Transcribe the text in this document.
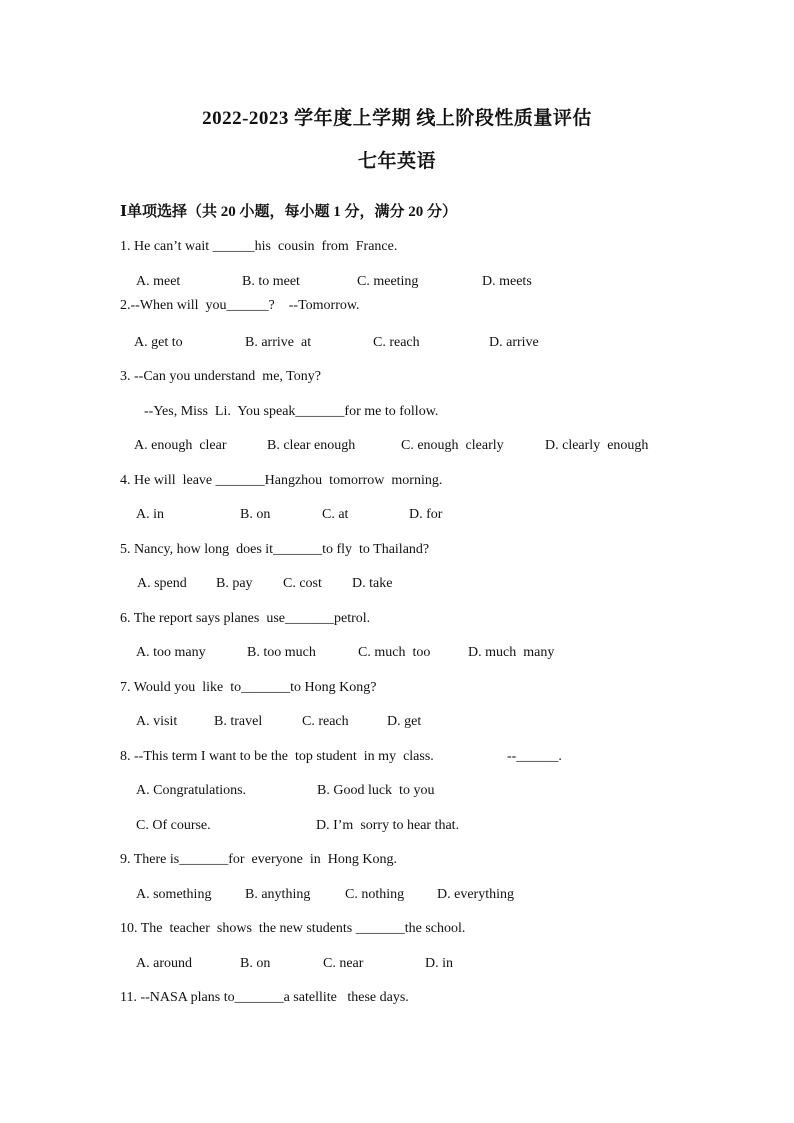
2022-2023 学年度上学期 线上阶段性质量评估
七年英语
Ⅰ单项选择（共 20 小题，每小题 1 分，满分 20 分）
1. He can’t wait ______his  cousin  from  France.
A. meet	B. to meet	C. meeting	D. meets
2.--When will  you______?    --Tomorrow.
A. get to	B. arrive  at	C. reach	D. arrive
3. --Can you understand  me, Tony?
--Yes, Miss  Li.  You speak_______for me to follow.
A. enough  clear	B. clear enough	C. enough  clearly	D. clearly  enough
4. He will  leave _______Hangzhou  tomorrow  morning.
A. in	B. on	C. at	D. for
5. Nancy, how long  does it_______to fly  to Thailand?
A. spend B. pay C. cost D. take
6. The report says planes  use_______petrol.
A. too many	B. too much	C. much  too	D. much  many
7. Would you  like  to_______to Hong Kong?
A. visit	B. travel	C. reach	D. get
8. --This term I want to be the  top student  in my  class.	--______.
A. Congratulations.	B. Good luck  to you
C. Of course.	D. I’m  sorry to hear that.
9. There is_______for  everyone  in  Hong Kong.
A. something B. anything C. nothing D. everything
10. The  teacher  shows  the new students _______the school.
A. around	B. on	C. near	D. in
11. --NASA plans to_______a satellite   these days.
